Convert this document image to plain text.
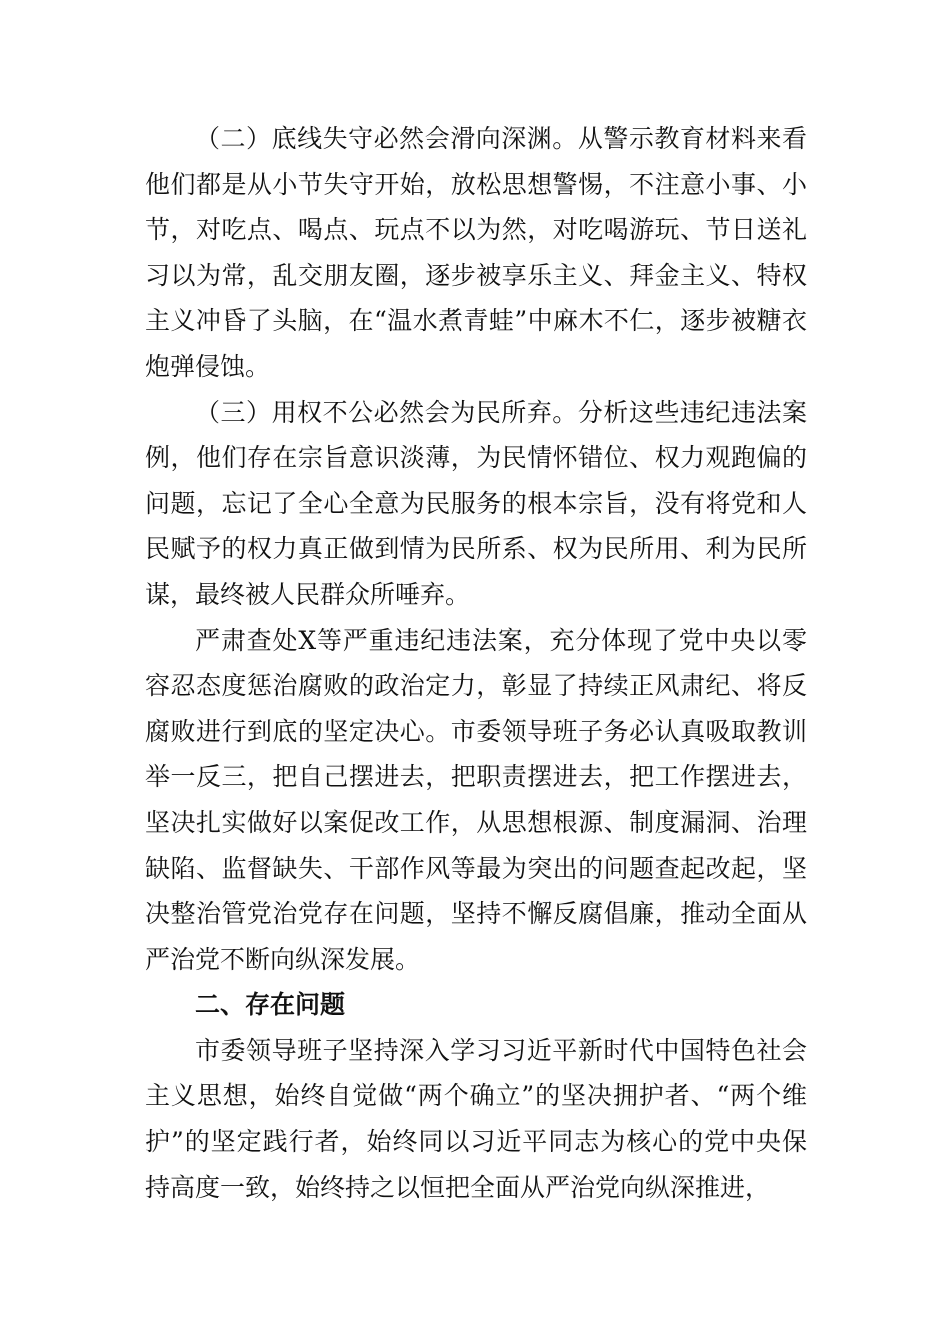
（二）底线失守必然会滑向深渊。从警示教育材料来看他们都是从小节失守开始，放松思想警惕，不注意小事、小节，对吃点、喝点、玩点不以为然，对吃喝游玩、节日送礼习以为常，乱交朋友圈，逐步被享乐主义、拜金主义、特权主义冲昏了头脑，在“温水煮青蛙”中麻木不仁，逐步被糖衣炮弹侵蚀。

（三）用权不公必然会为民所弃。分析这些违纪违法案例，他们存在宗旨意识淡薄，为民情怀错位、权力观跑偏的问题，忘记了全心全意为民服务的根本宗旨，没有将党和人民赋予的权力真正做到情为民所系、权为民所用、利为民所谋，最终被人民群众所唾弃。

严肃查处X等严重违纪违法案，充分体现了党中央以零容忍态度惩治腐败的政治定力，彰显了持续正风肃纪、将反腐败进行到底的坚定决心。市委领导班子务必认真吸取教训举一反三，把自己摆进去，把职责摆进去，把工作摆进去，坚决扎实做好以案促改工作，从思想根源、制度漏洞、治理缺陷、监督缺失、干部作风等最为突出的问题查起改起，坚决整治管党治党存在问题，坚持不懈反腐倡廉，推动全面从严治党不断向纵深发展。

二、存在问题

市委领导班子坚持深入学习习近平新时代中国特色社会主义思想，始终自觉做“两个确立”的坚决拥护者、“两个维护”的坚定践行者，始终同以习近平同志为核心的党中央保持高度一致，始终持之以恒把全面从严治党向纵深推进，
